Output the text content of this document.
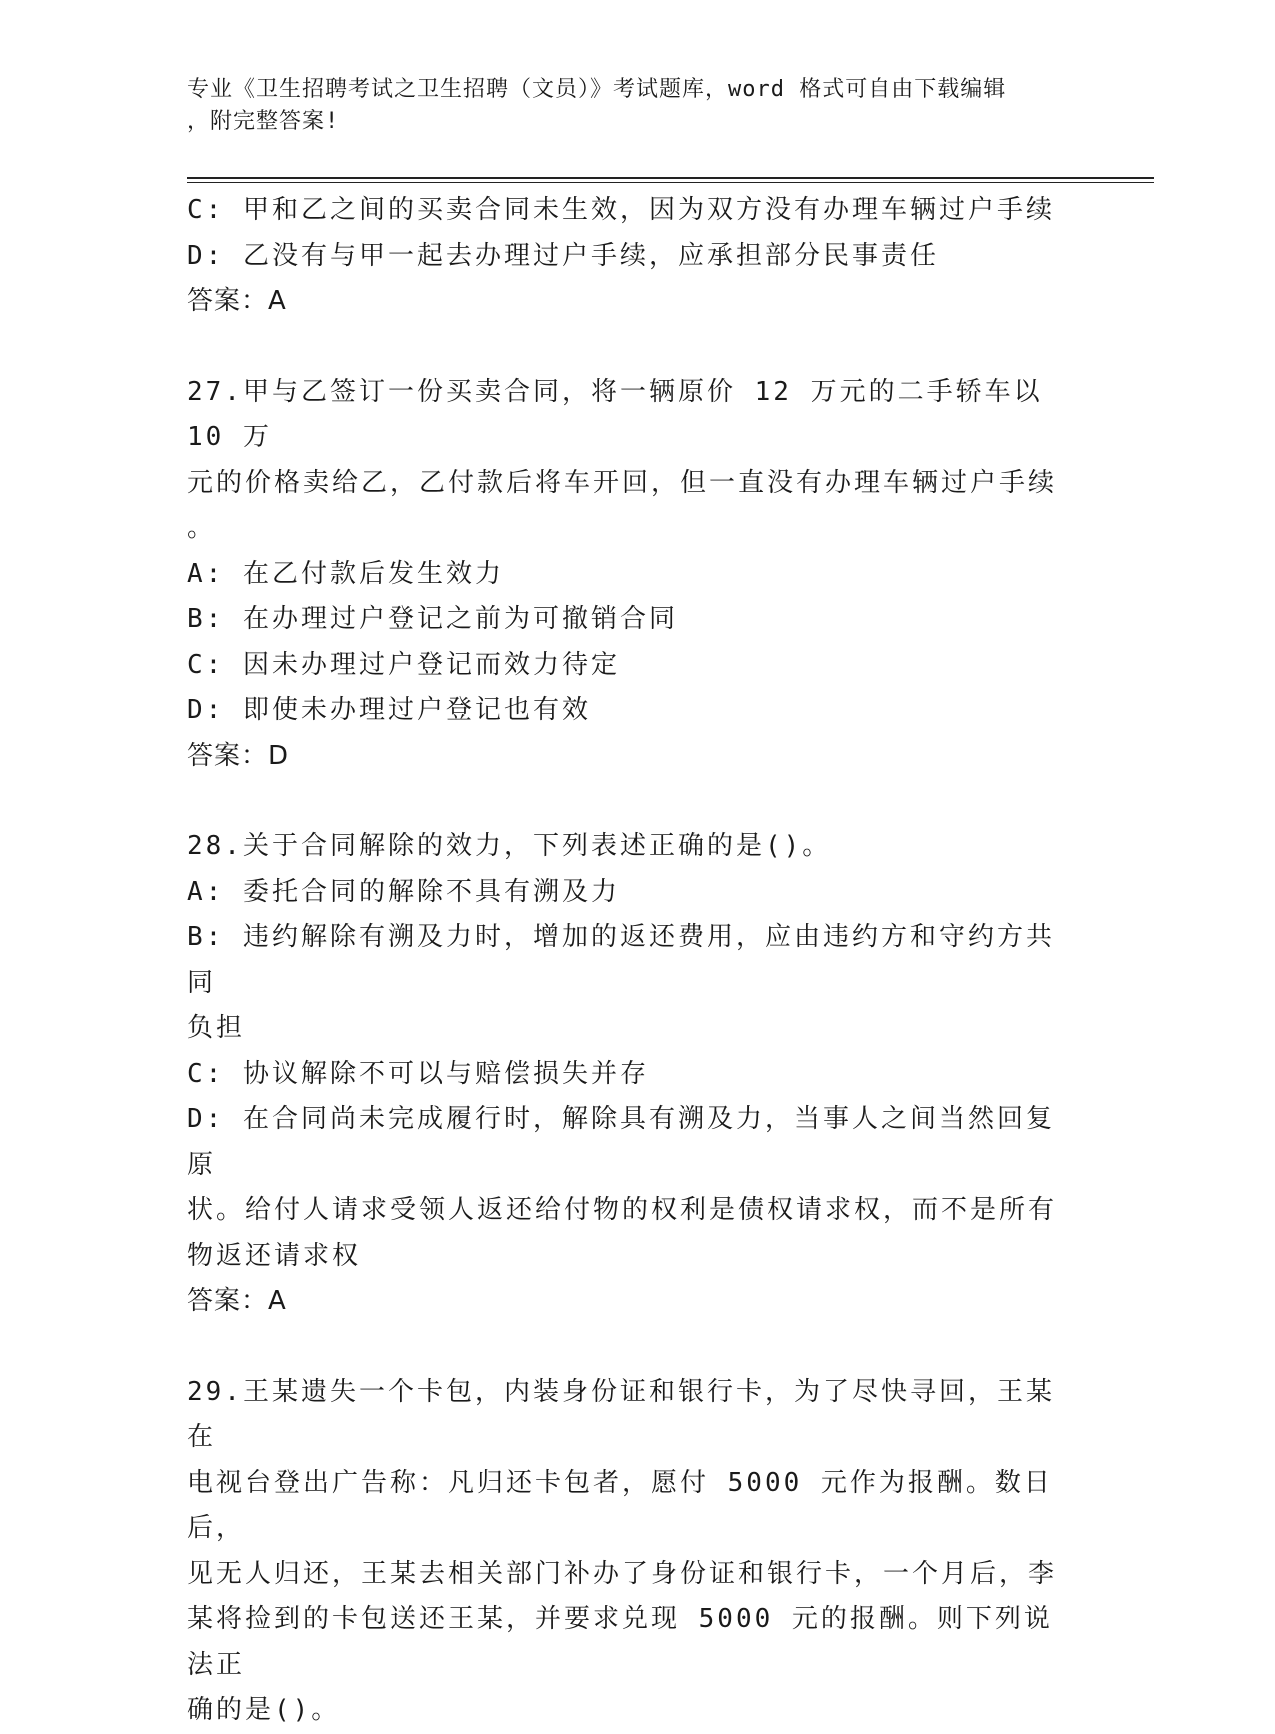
专业《卫生招聘考试之卫生招聘（文员）》考试题库，word 格式可自由下载编辑
，附完整答案!
C: 甲和乙之间的买卖合同未生效，因为双方没有办理车辆过户手续
D: 乙没有与甲一起去办理过户手续，应承担部分民事责任
答案：A
27.甲与乙签订一份买卖合同，将一辆原价 12 万元的二手轿车以 10 万
元的价格卖给乙，乙付款后将车开回，但一直没有办理车辆过户手续
。
A: 在乙付款后发生效力
B: 在办理过户登记之前为可撤销合同
C: 因未办理过户登记而效力待定
D: 即使未办理过户登记也有效
答案：D
28.关于合同解除的效力，下列表述正确的是()。
A: 委托合同的解除不具有溯及力
B: 违约解除有溯及力时，增加的返还费用，应由违约方和守约方共同
负担
C: 协议解除不可以与赔偿损失并存
D: 在合同尚未完成履行时，解除具有溯及力，当事人之间当然回复原
状。给付人请求受领人返还给付物的权利是债权请求权，而不是所有
物返还请求权
答案：A
29.王某遗失一个卡包，内装身份证和银行卡，为了尽快寻回，王某在
电视台登出广告称：凡归还卡包者，愿付 5000 元作为报酬。数日后，
见无人归还，王某去相关部门补办了身份证和银行卡，一个月后，李
某将捡到的卡包送还王某，并要求兑现 5000 元的报酬。则下列说法正
确的是()。
